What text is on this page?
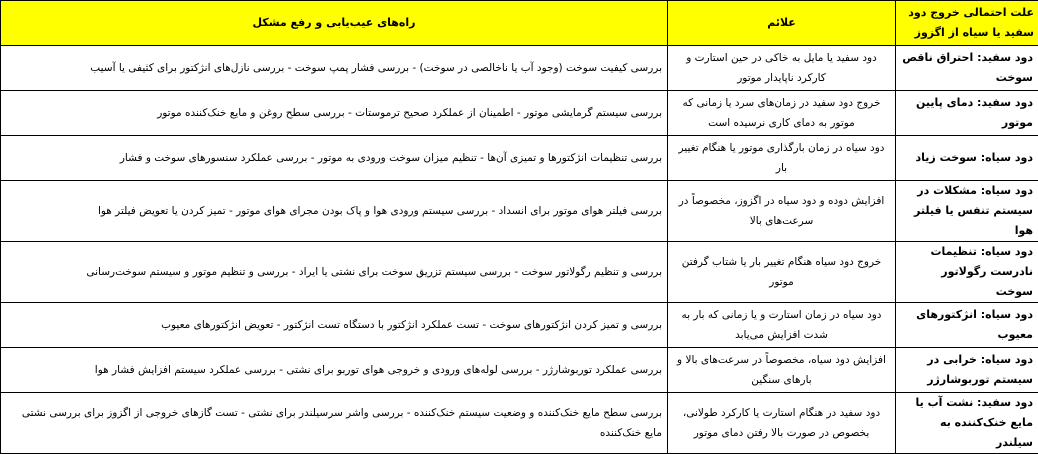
علت احتمالی خروج دود سفید یا سیاه از اگزوز	علائم	راه‌های عیب‌یابی و رفع مشکل
دود سفید: احتراق ناقص سوخت	دود سفید یا مایل به خاکی در حین استارت و کارکرد ناپایدار موتور	بررسی کیفیت سوخت (وجود آب یا ناخالصی در سوخت) - بررسی فشار پمپ سوخت - بررسی نازل‌های انژکتور برای کثیفی یا آسیب
دود سفید: دمای پایین موتور	خروج دود سفید در زمان‌های سرد یا زمانی که موتور به دمای کاری نرسیده است	بررسی سیستم گرمایشی موتور - اطمینان از عملکرد صحیح ترموستات - بررسی سطح روغن و مایع خنک‌کننده موتور
دود سیاه: سوخت زیاد	دود سیاه در زمان بارگذاری موتور یا هنگام تغییر بار	بررسی تنظیمات انژکتورها و تمیزی آن‌ها - تنظیم میزان سوخت ورودی به موتور - بررسی عملکرد سنسورهای سوخت و فشار
دود سیاه: مشکلات در سیستم تنفس یا فیلتر هوا	افزایش دوده و دود سیاه در اگزوز، مخصوصاً در سرعت‌های بالا	بررسی فیلتر هوای موتور برای انسداد - بررسی سیستم ورودی هوا و پاک بودن مجرای هوای موتور - تمیز کردن یا تعویض فیلتر هوا
دود سیاه: تنظیمات نادرست رگولاتور سوخت	خروج دود سیاه هنگام تغییر بار یا شتاب گرفتن موتور	بررسی و تنظیم رگولاتور سوخت - بررسی سیستم تزریق سوخت برای نشتی یا ایراد - بررسی و تنظیم موتور و سیستم سوخت‌رسانی
دود سیاه: انژکتورهای معیوب	دود سیاه در زمان استارت و یا زمانی که بار به شدت افزایش می‌یابد	بررسی و تمیز کردن انژکتورهای سوخت - تست عملکرد انژکتور با دستگاه تست انژکتور - تعویض انژکتورهای معیوب
دود سیاه: خرابی در سیستم توربوشارژر	افزایش دود سیاه، مخصوصاً در سرعت‌های بالا و بارهای سنگین	بررسی عملکرد توربوشارژر - بررسی لوله‌های ورودی و خروجی هوای توربو برای نشتی - بررسی عملکرد سیستم افزایش فشار هوا
دود سفید: نشت آب یا مایع خنک‌کننده به سیلندر	دود سفید در هنگام استارت یا کارکرد طولانی، بخصوص در صورت بالا رفتن دمای موتور	بررسی سطح مایع خنک‌کننده و وضعیت سیستم خنک‌کننده - بررسی واشر سرسیلندر برای نشتی - تست گازهای خروجی از اگزوز برای بررسی نشتی مایع خنک‌کننده
